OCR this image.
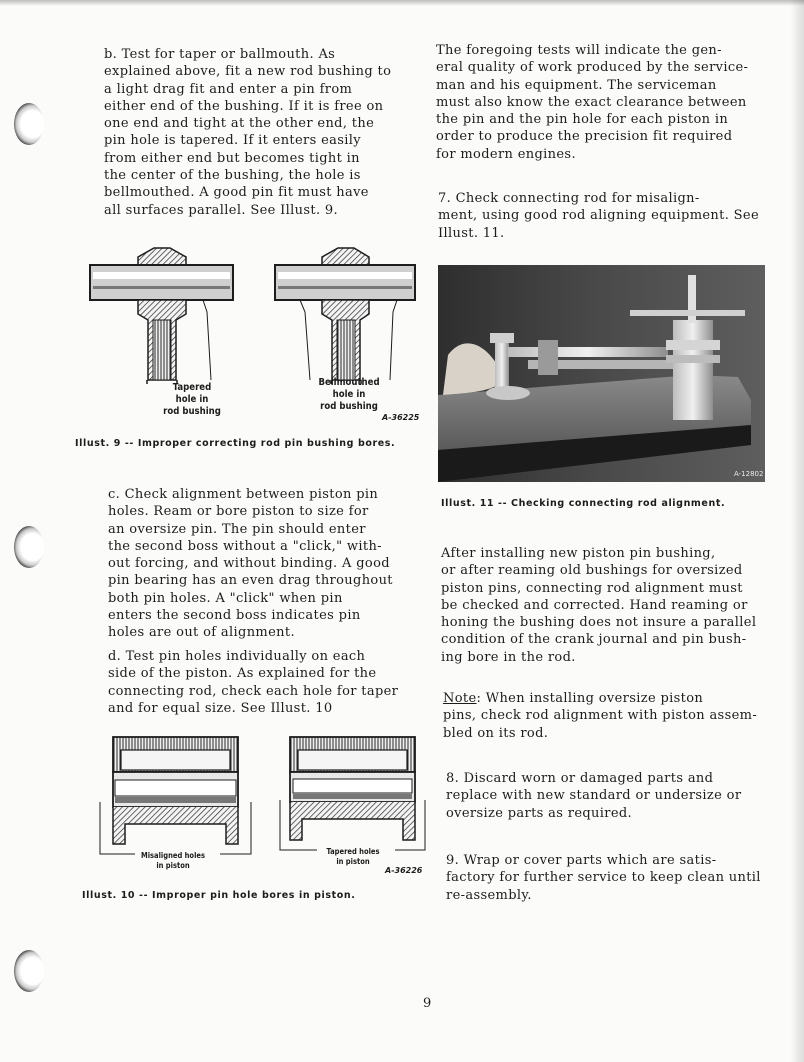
b. Test for taper or ballmouth. As
explained above, fit a new rod bushing to
a light drag fit and enter a pin from
either end of the bushing. If it is free on
one end and tight at the other end, the
pin hole is tapered. If it enters easily
from either end but becomes tight in
the center of the bushing, the hole is
bellmouthed. A good pin fit must have
all surfaces parallel. See Illust. 9.

Tapered hole in rod bushing
Bellmouthed hole in rod bushing
A-36225

Illust. 9 -- Improper correcting rod pin bushing bores.

c. Check alignment between piston pin
holes. Ream or bore piston to size for
an oversize pin. The pin should enter
the second boss without a "click," with-
out forcing, and without binding. A good
pin bearing has an even drag throughout
both pin holes. A "click" when pin
enters the second boss indicates pin
holes are out of alignment.

d. Test pin holes individually on each
side of the piston. As explained for the
connecting rod, check each hole for taper
and for equal size. See Illust. 10

Misaligned holes in piston
Tapered holes in piston
A-36226

Illust. 10 -- Improper pin hole bores in piston.

The foregoing tests will indicate the gen-
eral quality of work produced by the service-
man and his equipment. The serviceman
must also know the exact clearance between
the pin and the pin hole for each piston in
order to produce the precision fit required
for modern engines.

7. Check connecting rod for misalign-
ment, using good rod aligning equipment. See
Illust. 11.

A-12802

Illust. 11 -- Checking connecting rod alignment.

After installing new piston pin bushing,
or after reaming old bushings for oversized
piston pins, connecting rod alignment must
be checked and corrected. Hand reaming or
honing the bushing does not insure a parallel
condition of the crank journal and pin bush-
ing bore in the rod.

Note: When installing oversize piston
pins, check rod alignment with piston assem-
bled on its rod.

8. Discard worn or damaged parts and
replace with new standard or undersize or
oversize parts as required.

9. Wrap or cover parts which are satis-
factory for further service to keep clean until
re-assembly.

9
